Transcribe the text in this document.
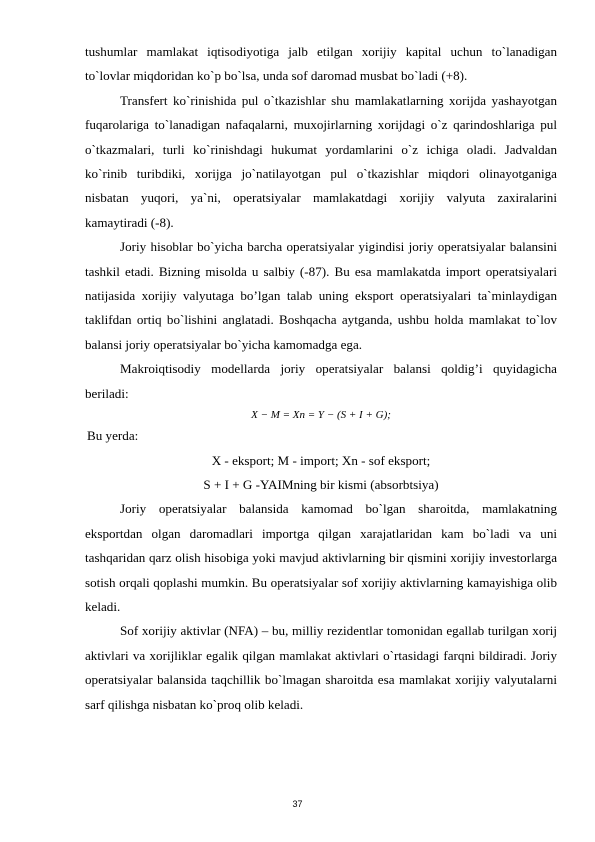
tushumlar mamlakat iqtisodiyotiga jalb etilgan xorijiy kapital uchun to`lanadigan to`lovlar miqdoridan ko`p bo`lsa, unda sof daromad musbat bo`ladi (+8).

Transfert ko`rinishida pul o`tkazishlar shu mamlakatlarning xorijda yashayotgan fuqarolariga to`lanadigan nafaqalarni, muxojirlarning xorijdagi o`z qarindoshlariga pul o`tkazmalari, turli ko`rinishdagi hukumat yordamlarini o`z ichiga oladi. Jadvaldan ko`rinib turibdiki, xorijga jo`natilayotgan pul o`tkazishlar miqdori olinayotganiga nisbatan yuqori, ya`ni, operatsiyalar mamlakatdagi xorijiy valyuta zaxiralarini kamaytiradi (-8).

Joriy hisoblar bo`yicha barcha operatsiyalar yigindisi joriy operatsiyalar balansini tashkil etadi. Bizning misolda u salbiy (-87). Bu esa mamlakatda import operatsiyalari natijasida xorijiy valyutaga bo’lgan talab uning eksport operatsiyalari ta`minlaydigan taklifdan ortiq bo`lishini anglatadi. Boshqacha aytganda, ushbu holda mamlakat to`lov balansi joriy operatsiyalar bo`yicha kamomadga ega.

Makroiqtisodiy modellarda joriy operatsiyalar balansi qoldig’i quyidagicha beriladi:

X − M = Xn = Y − (S + I + G);

Bu yerda:

X - eksport; M - import; Xn - sof eksport;

S + I + G -YAIMning bir kismi (absorbtsiya)

Joriy operatsiyalar balansida kamomad bo`lgan sharoitda, mamlakatning eksportdan olgan daromadlari importga qilgan xarajatlaridan kam bo`ladi va uni tashqaridan qarz olish hisobiga yoki mavjud aktivlarning bir qismini xorijiy investorlarga sotish orqali qoplashi mumkin. Bu operatsiyalar sof xorijiy aktivlarning kamayishiga olib keladi.

Sof xorijiy aktivlar (NFA) – bu, milliy rezidentlar tomonidan egallab turilgan xorij aktivlari va xorijliklar egalik qilgan mamlakat aktivlari o`rtasidagi farqni bildiradi. Joriy operatsiyalar balansida taqchillik bo`lmagan sharoitda esa mamlakat xorijiy valyutalarni sarf qilishga nisbatan ko`proq olib keladi.

37
